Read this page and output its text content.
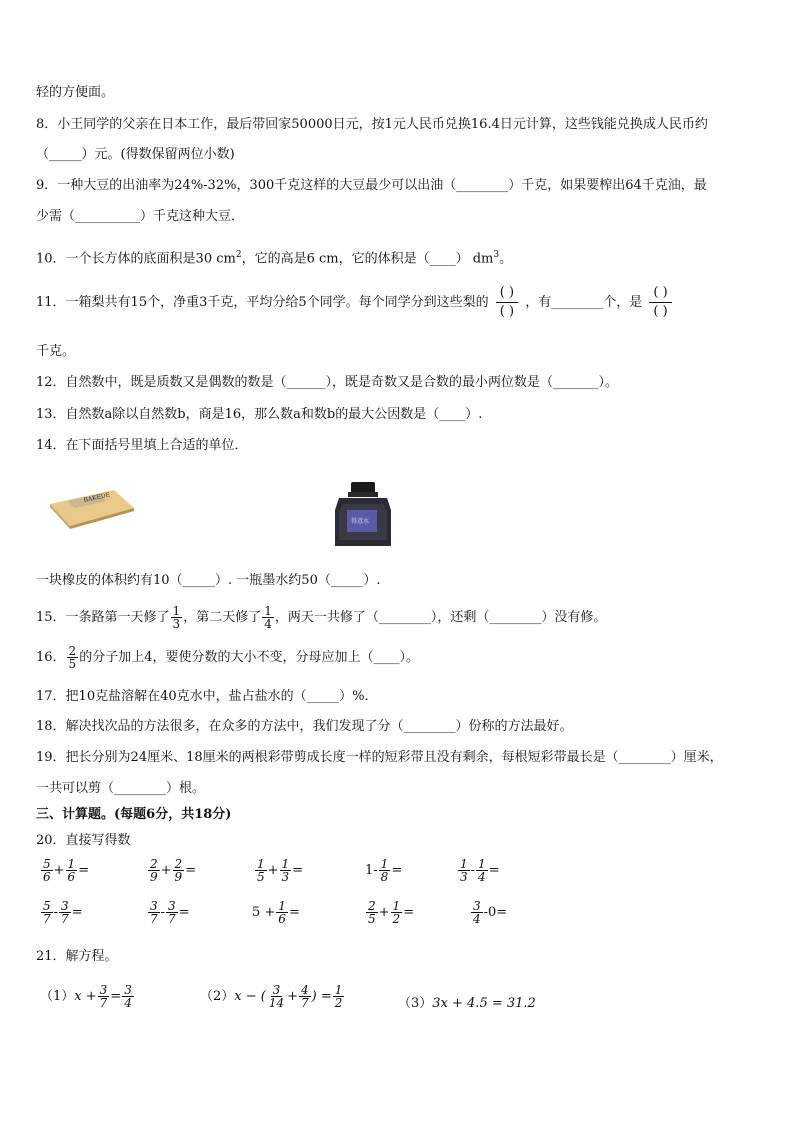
轻的方便面。
8．小王同学的父亲在日本工作，最后带回家50000日元，按1元人民币兑换16.4日元计算，这些钱能兑换成人民币约
（_____）元。(得数保留两位小数)
9．一种大豆的出油率为24%-32%，300千克这样的大豆最少可以出油（________）千克，如果要榨出64千克油，最
少需（__________）千克这种大豆．
10．一个长方体的底面积是30 $cm^2$，它的高是6 cm，它的体积是（____） $dm^3$。
11．一箱梨共有15个，净重3千克，平均分给5个同学。每个同学分到这些梨的
( )
( )
，有________个，是
( )
( )
千克。
12．自然数中，既是质数又是偶数的数是（______），既是奇数又是合数的最小两位数是（_______）。
13．自然数a除以自然数b，商是16，那么数a和数b的最大公因数是（____）.
14．在下面括号里填上合适的单位．
BAKEDE
得意水
一块橡皮的体积约有10（_____）. 一瓶墨水约50（_____）.
15．一条路第一天修了 $\frac{1}{3}$ ，第二天修了 $\frac{1}{4}$ ，两天一共修了（________），还剩（________）没有修。
16． $\frac{2}{5}$ 的分子加上4，要使分数的大小不变，分母应加上（____）。
17．把10克盐溶解在40克水中，盐占盐水的（_____）%.
18．解决找次品的方法很多，在众多的方法中，我们发现了分（________）份称的方法最好。
19．把长分别为24厘米、18厘米的两根彩带剪成长度一样的短彩带且没有剩余，每根短彩带最长是（________）厘米，
一共可以剪（________）根。
三、计算题。(每题6分，共18分)
20．直接写得数
$\frac{5}{6} + \frac{1}{6}$ =	$\frac{2}{9} + \frac{2}{9}$ =	$\frac{1}{5} + \frac{1}{3}$ =	$1- \frac{1}{8}$ =	$\frac{1}{3} - \frac{1}{4}$ =
$\frac{5}{7} - \frac{3}{7}$ =	$\frac{3}{7} - \frac{3}{7}$ =	$5 + \frac{1}{6}$ =	$\frac{2}{5} + \frac{1}{2}$ =	$\frac{3}{4} -0=$
21．解方程。
$(1)x + \frac{3}{7} = \frac{3}{4}$	（2）x − ( $\frac{3}{14} + \frac{4}{7}$ ) = $\frac{1}{2}$	（3）3x + 4.5 = 31.2
